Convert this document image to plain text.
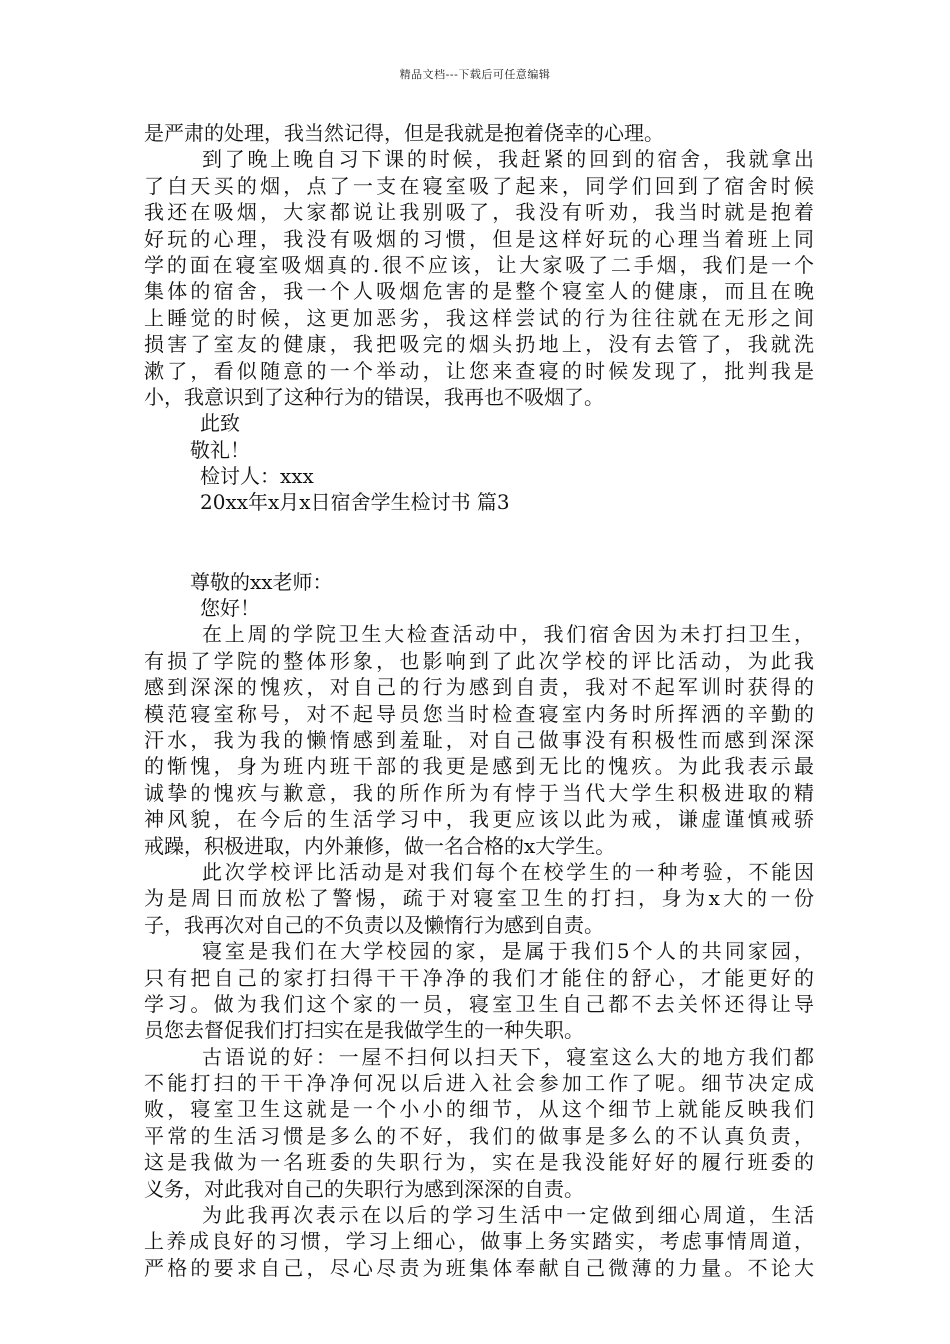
精品文档---下载后可任意编辑
是严肃的处理，我当然记得，但是我就是抱着侥幸的心理。
到了晚上晚自习下课的时候，我赶紧的回到的宿舍，我就拿出
了白天买的烟，点了一支在寝室吸了起来，同学们回到了宿舍时候
我还在吸烟，大家都说让我别吸了，我没有听劝，我当时就是抱着
好玩的心理，我没有吸烟的习惯，但是这样好玩的心理当着班上同
学的面在寝室吸烟真的.很不应该，让大家吸了二手烟，我们是一个
集体的宿舍，我一个人吸烟危害的是整个寝室人的健康，而且在晚
上睡觉的时候，这更加恶劣，我这样尝试的行为往往就在无形之间
损害了室友的健康，我把吸完的烟头扔地上，没有去管了，我就洗
漱了，看似随意的一个举动，让您来查寝的时候发现了，批判我是
小，我意识到了这种行为的错误，我再也不吸烟了。
此致
敬礼！
检讨人：xxx
20xx年x月x日宿舍学生检讨书 篇3
尊敬的xx老师：
您好！
在上周的学院卫生大检查活动中，我们宿舍因为未打扫卫生，
有损了学院的整体形象，也影响到了此次学校的评比活动，为此我
感到深深的愧疚，对自己的行为感到自责，我对不起军训时获得的
模范寝室称号，对不起导员您当时检查寝室内务时所挥洒的辛勤的
汗水，我为我的懒惰感到羞耻，对自己做事没有积极性而感到深深
的惭愧，身为班内班干部的我更是感到无比的愧疚。为此我表示最
诚挚的愧疚与歉意，我的所作所为有悖于当代大学生积极进取的精
神风貌，在今后的生活学习中，我更应该以此为戒，谦虚谨慎戒骄
戒躁，积极进取，内外兼修，做一名合格的x大学生。
此次学校评比活动是对我们每个在校学生的一种考验，不能因
为是周日而放松了警惕，疏于对寝室卫生的打扫，身为x大的一份
子，我再次对自己的不负责以及懒惰行为感到自责。
寝室是我们在大学校园的家，是属于我们5个人的共同家园，
只有把自己的家打扫得干干净净的我们才能住的舒心，才能更好的
学习。做为我们这个家的一员，寝室卫生自己都不去关怀还得让导
员您去督促我们打扫实在是我做学生的一种失职。
古语说的好：一屋不扫何以扫天下，寝室这么大的地方我们都
不能打扫的干干净净何况以后进入社会参加工作了呢。细节决定成
败，寝室卫生这就是一个小小的细节，从这个细节上就能反映我们
平常的生活习惯是多么的不好，我们的做事是多么的不认真负责，
这是我做为一名班委的失职行为，实在是我没能好好的履行班委的
义务，对此我对自己的失职行为感到深深的自责。
为此我再次表示在以后的学习生活中一定做到细心周道，生活
上养成良好的习惯，学习上细心，做事上务实踏实，考虑事情周道，
严格的要求自己，尽心尽责为班集体奉献自己微薄的力量。不论大
